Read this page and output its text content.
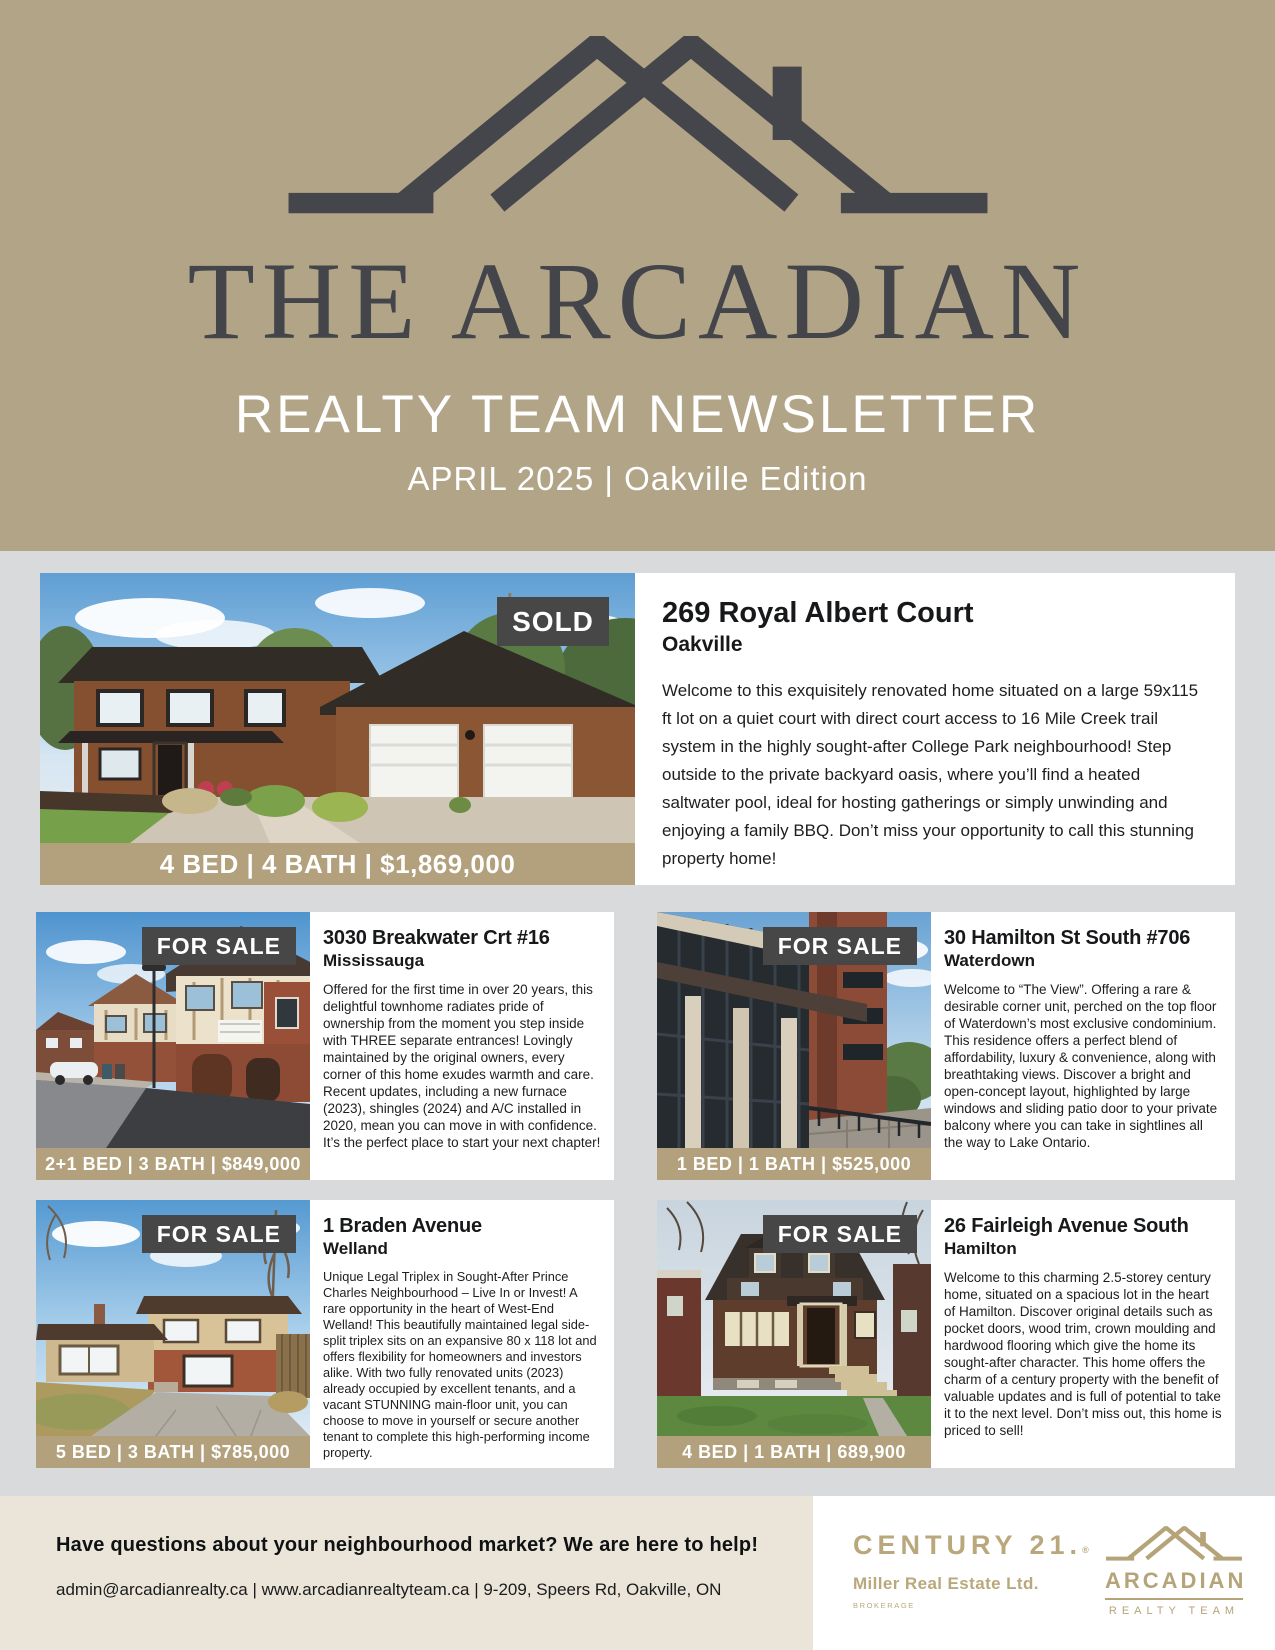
THE ARCADIAN
REALTY TEAM NEWSLETTER
APRIL 2025 | Oakville Edition
SOLD
4 BED | 4 BATH | $1,869,000
269 Royal Albert Court
Oakville

Welcome to this exquisitely renovated home situated on a large 59x115 ft lot on a quiet court with direct court access to 16 Mile Creek trail system in the highly sought-after College Park neighbourhood! Step outside to the private backyard oasis, where you’ll find a heated saltwater pool, ideal for hosting gatherings or simply unwinding and enjoying a family BBQ. Don’t miss your opportunity to call this stunning property home!

FOR SALE
2+1 BED | 3 BATH | $849,000
3030 Breakwater Crt #16
Mississauga

Offered for the first time in over 20 years, this delightful townhome radiates pride of ownership from the moment you step inside with THREE separate entrances! Lovingly maintained by the original owners, every corner of this home exudes warmth and care. Recent updates, including a new furnace (2023), shingles (2024) and A/C installed in 2020, mean you can move in with confidence. It’s the perfect place to start your next chapter!

FOR SALE
1 BED | 1 BATH | $525,000
30 Hamilton St South #706
Waterdown

Welcome to “The View”. Offering a rare & desirable corner unit, perched on the top floor of Waterdown’s most exclusive condominium. This residence offers a perfect blend of affordability, luxury & convenience, along with breathtaking views. Discover a bright and open-concept layout, highlighted by large windows and sliding patio door to your private balcony where you can take in sightlines all the way to Lake Ontario.

FOR SALE
5 BED | 3 BATH | $785,000
1 Braden Avenue
Welland

Unique Legal Triplex in Sought-After Prince Charles Neighbourhood – Live In or Invest! A rare opportunity in the heart of West-End Welland! This beautifully maintained legal side-split triplex sits on an expansive 80 x 118 lot and offers flexibility for homeowners and investors alike. With two fully renovated units (2023) already occupied by excellent tenants, and a vacant STUNNING main-floor unit, you can choose to move in yourself or secure another tenant to complete this high-performing income property.

FOR SALE
4 BED | 1 BATH | 689,900
26 Fairleigh Avenue South
Hamilton

Welcome to this charming 2.5-storey century home, situated on a spacious lot in the heart of Hamilton. Discover original details such as pocket doors, wood trim, crown moulding and hardwood flooring which give the home its sought-after character. This home offers the charm of a century property with the benefit of valuable updates and is full of potential to take it to the next level. Don’t miss out, this home is priced to sell!

Have questions about your neighbourhood market? We are here to help!

admin@arcadianrealty.ca | www.arcadianrealtyteam.ca | 9-209, Speers Rd, Oakville, ON

CENTURY 21.®
Miller Real Estate Ltd.
BROKERAGE
ARCADIAN
REALTY TEAM
